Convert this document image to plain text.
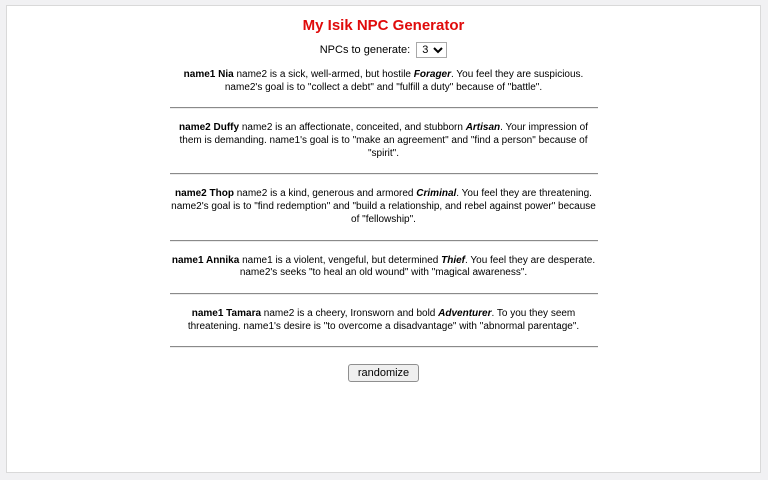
My Isik NPC Generator
NPCs to generate:
3

name1 Nia name2 is a sick, well-armed, but hostile Forager. You feel they are suspicious. name2's goal is to "collect a debt" and "fulfill a duty" because of "battle".

name2 Duffy name2 is an affectionate, conceited, and stubborn Artisan. Your impression of them is demanding. name1's goal is to "make an agreement" and "find a person" because of "spirit".

name2 Thop name2 is a kind, generous and armored Criminal. You feel they are threatening. name2's goal is to "find redemption" and "build a relationship, and rebel against power" because of "fellowship".

name1 Annika name1 is a violent, vengeful, but determined Thief. You feel they are desperate. name2's seeks "to heal an old wound" with "magical awareness".

name1 Tamara name2 is a cheery, Ironsworn and bold Adventurer. To you they seem threatening. name1's desire is "to overcome a disadvantage" with "abnormal parentage".

randomize
